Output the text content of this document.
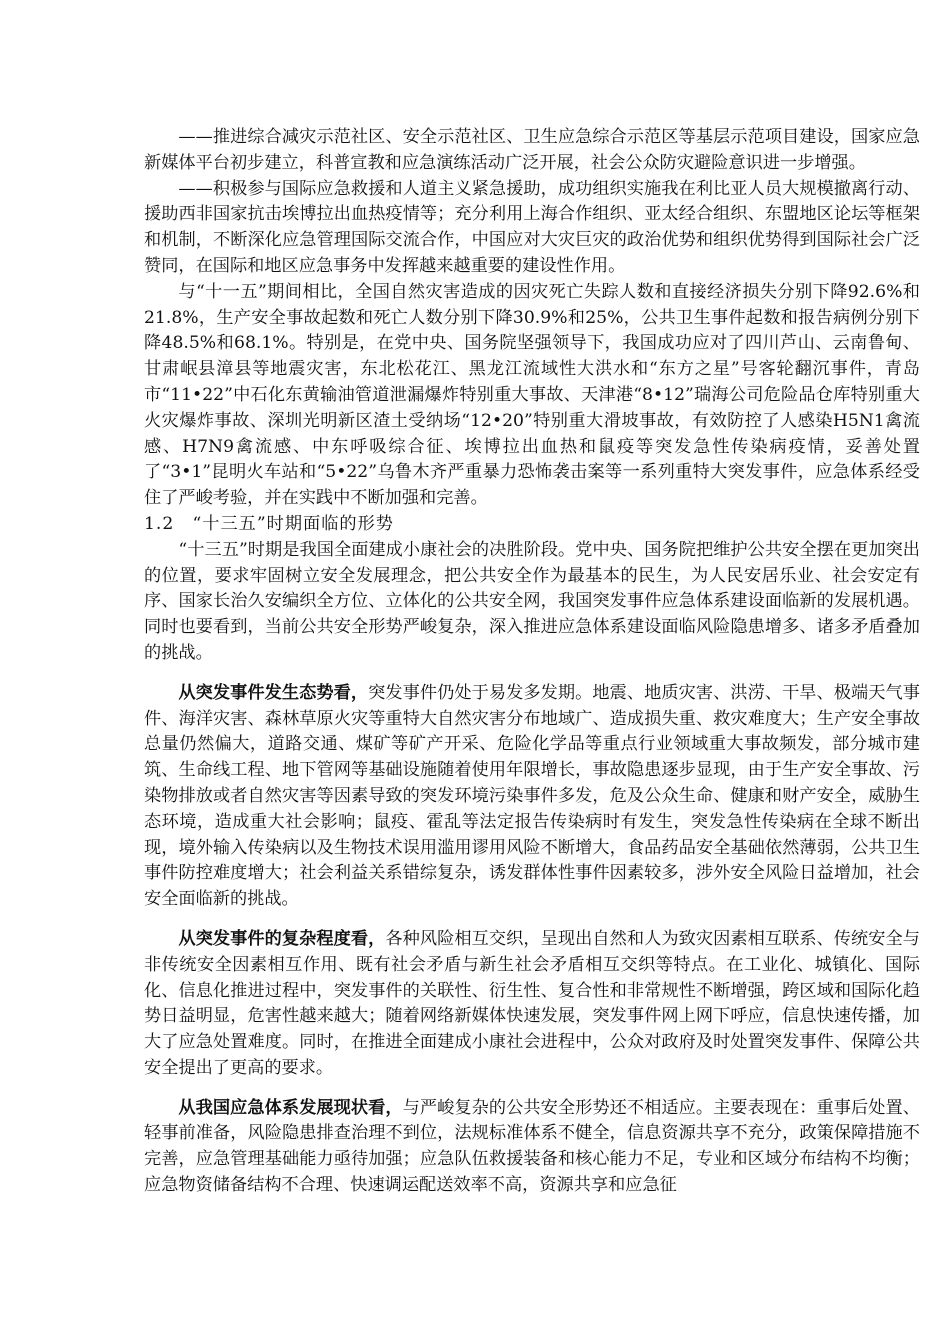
——推进综合减灾示范社区、安全示范社区、卫生应急综合示范区等基层示范项目建设，国家应急新媒体平台初步建立，科普宣教和应急演练活动广泛开展，社会公众防灾避险意识进一步增强。

——积极参与国际应急救援和人道主义紧急援助，成功组织实施我在利比亚人员大规模撤离行动、援助西非国家抗击埃博拉出血热疫情等；充分利用上海合作组织、亚太经合组织、东盟地区论坛等框架和机制，不断深化应急管理国际交流合作，中国应对大灾巨灾的政治优势和组织优势得到国际社会广泛赞同，在国际和地区应急事务中发挥越来越重要的建设性作用。

与“十一五”期间相比，全国自然灾害造成的因灾死亡失踪人数和直接经济损失分别下降92.6%和21.8%，生产安全事故起数和死亡人数分别下降30.9%和25%，公共卫生事件起数和报告病例分别下降48.5%和68.1%。特别是，在党中央、国务院坚强领导下，我国成功应对了四川芦山、云南鲁甸、甘肃岷县漳县等地震灾害，东北松花江、黑龙江流域性大洪水和“东方之星”号客轮翻沉事件，青岛市“11•22”中石化东黄输油管道泄漏爆炸特别重大事故、天津港“8•12”瑞海公司危险品仓库特别重大火灾爆炸事故、深圳光明新区渣土受纳场“12•20”特别重大滑坡事故，有效防控了人感染H5N1禽流感、H7N9禽流感、中东呼吸综合征、埃博拉出血热和鼠疫等突发急性传染病疫情，妥善处置了“3•1”昆明火车站和“5•22”乌鲁木齐严重暴力恐怖袭击案等一系列重特大突发事件，应急体系经受住了严峻考验，并在实践中不断加强和完善。

1.2　“十三五”时期面临的形势

“十三五”时期是我国全面建成小康社会的决胜阶段。党中央、国务院把维护公共安全摆在更加突出的位置，要求牢固树立安全发展理念，把公共安全作为最基本的民生，为人民安居乐业、社会安定有序、国家长治久安编织全方位、立体化的公共安全网，我国突发事件应急体系建设面临新的发展机遇。同时也要看到，当前公共安全形势严峻复杂，深入推进应急体系建设面临风险隐患增多、诸多矛盾叠加的挑战。

从突发事件发生态势看，突发事件仍处于易发多发期。地震、地质灾害、洪涝、干旱、极端天气事件、海洋灾害、森林草原火灾等重特大自然灾害分布地域广、造成损失重、救灾难度大；生产安全事故总量仍然偏大，道路交通、煤矿等矿产开采、危险化学品等重点行业领域重大事故频发，部分城市建筑、生命线工程、地下管网等基础设施随着使用年限增长，事故隐患逐步显现，由于生产安全事故、污染物排放或者自然灾害等因素导致的突发环境污染事件多发，危及公众生命、健康和财产安全，威胁生态环境，造成重大社会影响；鼠疫、霍乱等法定报告传染病时有发生，突发急性传染病在全球不断出现，境外输入传染病以及生物技术误用滥用谬用风险不断增大，食品药品安全基础依然薄弱，公共卫生事件防控难度增大；社会利益关系错综复杂，诱发群体性事件因素较多，涉外安全风险日益增加，社会安全面临新的挑战。

从突发事件的复杂程度看，各种风险相互交织，呈现出自然和人为致灾因素相互联系、传统安全与非传统安全因素相互作用、既有社会矛盾与新生社会矛盾相互交织等特点。在工业化、城镇化、国际化、信息化推进过程中，突发事件的关联性、衍生性、复合性和非常规性不断增强，跨区域和国际化趋势日益明显，危害性越来越大；随着网络新媒体快速发展，突发事件网上网下呼应，信息快速传播，加大了应急处置难度。同时，在推进全面建成小康社会进程中，公众对政府及时处置突发事件、保障公共安全提出了更高的要求。

从我国应急体系发展现状看，与严峻复杂的公共安全形势还不相适应。主要表现在：重事后处置、轻事前准备，风险隐患排查治理不到位，法规标准体系不健全，信息资源共享不充分，政策保障措施不完善，应急管理基础能力亟待加强；应急队伍救援装备和核心能力不足，专业和区域分布结构不均衡；应急物资储备结构不合理、快速调运配送效率不高，资源共享和应急征
